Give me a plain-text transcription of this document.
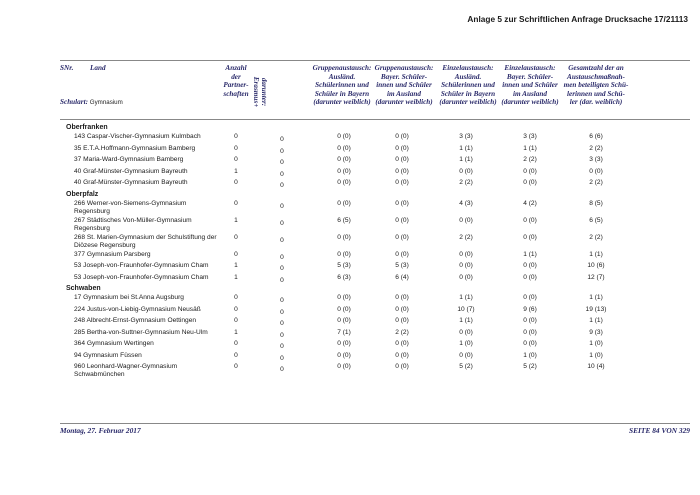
Anlage 5 zur Schriftlichen Anfrage Drucksache 17/21113
SNr. Land
Schulart: Gymnasium
Anzahl
der
Partner-
schaften	darunter:
Erasmus+
Gruppenaustausch:
Ausländ.
Schülerinnen und
Schüler in Bayern
(darunter weiblich)
Gruppenaustausch:
Bayer. Schüler-
innen und Schüler
im Ausland
(darunter weiblich)
Einzelaustausch:
Ausländ.
Schülerinnen und
Schüler in Bayern
(darunter weiblich)
Einzelaustausch:
Bayer. Schüler-
innen und Schüler
im Ausland
(darunter weiblich)
Gesamtzahl der an
Austauschmaßnah-
men beteiligten Schü-
lerinnen und Schü-
ler (dar. weiblich)
Oberfranken
143 Caspar-Vischer-Gymnasium Kulmbach	0	0	0 (0)	0 (0)	3 (3)	3 (3)	6 (6)
35 E.T.A.Hoffmann-Gymnasium Bamberg	0	0	0 (0)	0 (0)	1 (1)	1 (1)	2 (2)
37 Maria-Ward-Gymnasium Bamberg	0	0	0 (0)	0 (0)	1 (1)	2 (2)	3 (3)
40 Graf-Münster-Gymnasium Bayreuth	1	0	0 (0)	0 (0)	0 (0)	0 (0)	0 (0)
40 Graf-Münster-Gymnasium Bayreuth	0	0	0 (0)	0 (0)	2 (2)	0 (0)	2 (2)
Oberpfalz
266 Werner-von-Siemens-Gymnasium Regensburg
0	0	0 (0)	0 (0)	4 (3)	4 (2)	8 (5)
267 Städtisches Von-Müller-Gymnasium Regensburg
1	0	6 (5)	0 (0)	0 (0)	0 (0)	6 (5)
268 St. Marien-Gymnasium der Schulstiftung der Diözese Regensburg
0	0	0 (0)	0 (0)	2 (2)	0 (0)	2 (2)
377 Gymnasium Parsberg	0	0	0 (0)	0 (0)	0 (0)	1 (1)	1 (1)
53 Joseph-von-Fraunhofer-Gymnasium Cham	1	0	5 (3)	5 (3)	0 (0)	0 (0)	10 (6)
53 Joseph-von-Fraunhofer-Gymnasium Cham	1	0	6 (3)	6 (4)	0 (0)	0 (0)	12 (7)
Schwaben
17 Gymnasium bei St.Anna Augsburg	0	0	0 (0)	0 (0)	1 (1)	0 (0)	1 (1)
224 Justus-von-Liebig-Gymnasium Neusäß	0	0	0 (0)	0 (0)	10 (7)	9 (6)	19 (13)
248 Albrecht-Ernst-Gymnasium Oettingen	0	0	0 (0)	0 (0)	1 (1)	0 (0)	1 (1)
285 Bertha-von-Suttner-Gymnasium Neu-Ulm	1	0	7 (1)	2 (2)	0 (0)	0 (0)	9 (3)
364 Gymnasium Wertingen	0	0	0 (0)	0 (0)	1 (0)	0 (0)	1 (0)
94 Gymnasium Füssen	0	0	0 (0)	0 (0)	0 (0)	1 (0)	1 (0)
960 Leonhard-Wagner-Gymnasium Schwabmünchen
0	0	0 (0)	0 (0)	5 (2)	5 (2)	10 (4)
Montag, 27. Februar 2017	SEITE 84 VON 329
